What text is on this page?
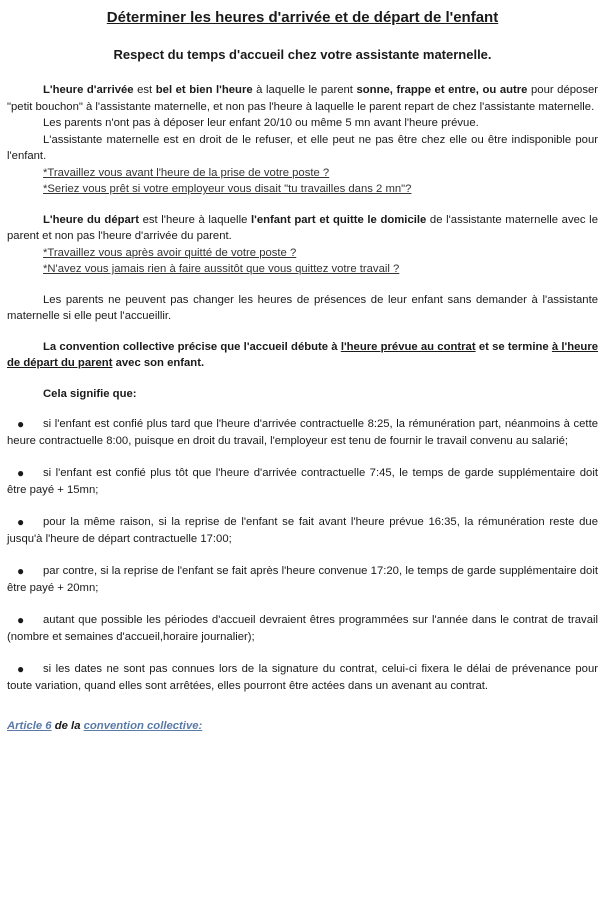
Déterminer les heures d'arrivée et de départ de l'enfant
Respect du temps d'accueil chez votre assistante maternelle.

L'heure d'arrivée est bel et bien l'heure à laquelle le parent sonne, frappe et entre, ou autre pour déposer "petit bouchon" à l'assistante maternelle, et non pas l'heure à laquelle le parent repart de chez l'assistante maternelle.

Les parents n'ont pas à déposer leur enfant 20/10 ou même 5 mn avant l'heure prévue.

L'assistante maternelle est en droit de le refuser, et elle peut ne pas être chez elle ou être indisponible pour l'enfant.

*Travaillez vous avant l'heure de la prise de votre poste ?

*Seriez vous prêt si votre employeur vous disait "tu travailles dans 2 mn"?

L'heure du départ est l'heure à laquelle l'enfant part et quitte le domicile de l'assistante maternelle avec le parent et non pas l'heure d'arrivée du parent.

*Travaillez vous après avoir quitté de votre poste ?

*N'avez vous jamais rien à faire aussitôt que vous quittez votre travail ?

Les parents ne peuvent pas changer les heures de présences de leur enfant sans demander à l'assistante maternelle si elle peut l'accueillir.

La convention collective précise que l'accueil débute à l'heure prévue au contrat et se termine à l'heure de départ du parent avec son enfant.

Cela signifie que:

●	si l'enfant est confié plus tard que l'heure d'arrivée contractuelle 8:25, la rémunération part, néanmoins à cette heure contractuelle 8:00, puisque en droit du travail, l'employeur est tenu de fournir le travail convenu au salarié;
●	si l'enfant est confié plus tôt que l'heure d'arrivée contractuelle 7:45, le temps de garde supplémentaire doit être payé + 15mn;
●	pour la même raison, si la reprise de l'enfant se fait avant l'heure prévue 16:35, la rémunération reste due jusqu'à l'heure de départ contractuelle 17:00;
●	par contre, si la reprise de l'enfant se fait après l'heure convenue 17:20, le temps de garde supplémentaire doit être payé + 20mn;
●	autant que possible les périodes d'accueil devraient êtres programmées sur l'année dans le contrat de travail (nombre et semaines d'accueil,horaire journalier);
●	si les dates ne sont pas connues lors de la signature du contrat, celui-ci fixera le délai de prévenance pour toute variation, quand elles sont arrêtées, elles pourront être actées dans un avenant au contrat.

Article 6 de la convention collective:
